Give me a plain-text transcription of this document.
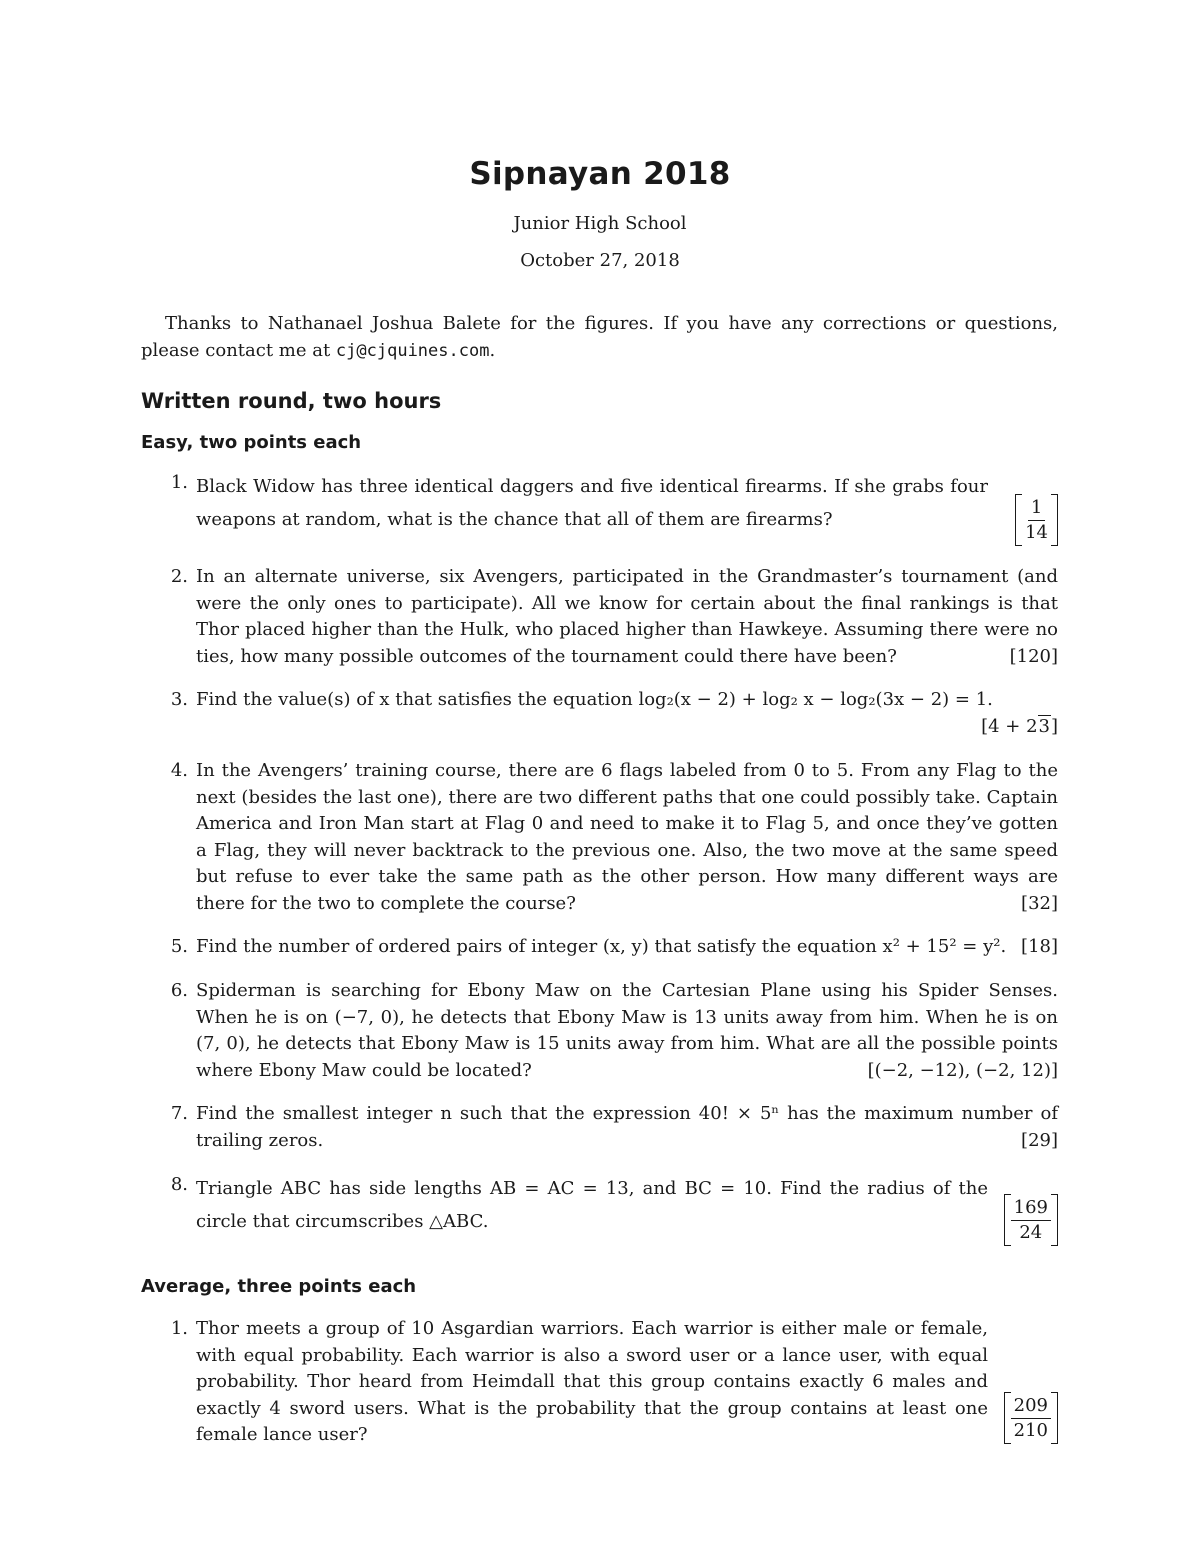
Sipnayan 2018
Junior High School
October 27, 2018
Thanks to Nathanael Joshua Balete for the figures. If you have any corrections or questions, please contact me at cj@cjquines.com.
Written round, two hours
Easy, two points each
1. Black Widow has three identical daggers and five identical firearms. If she grabs four weapons at random, what is the chance that all of them are firearms?	$\frac{1}{14}$
2. In an alternate universe, six Avengers, participated in the Grandmaster’s tournament (and were the only ones to participate). All we know for certain about the final rankings is that Thor placed higher than the Hulk, who placed higher than Hawkeye. Assuming there were no ties, how many possible outcomes of the tournament could there have been?	[120]
3. Find the value(s) of x that satisfies the equation log₂(x − 2) + log₂ x − log₂(3x − 2) = 1.
[4 + 23]
4. In the Avengers’ training course, there are 6 flags labeled from 0 to 5. From any Flag to the next (besides the last one), there are two different paths that one could possibly take. Captain America and Iron Man start at Flag 0 and need to make it to Flag 5, and once they’ve gotten a Flag, they will never backtrack to the previous one. Also, the two move at the same speed but refuse to ever take the same path as the other person. How many different ways are there for the two to complete the course?	[32]
5. Find the number of ordered pairs of integer (x, y) that satisfy the equation x² + 15² = y². [18]
6. Spiderman is searching for Ebony Maw on the Cartesian Plane using his Spider Senses. When he is on (−7, 0), he detects that Ebony Maw is 13 units away from him. When he is on (7, 0), he detects that Ebony Maw is 15 units away from him. What are all the possible points where Ebony Maw could be located?	[(−2, −12), (−2, 12)]
7. Find the smallest integer n such that the expression 40! × 5ⁿ has the maximum number of trailing zeros.	[29]
8. Triangle ABC has side lengths AB = AC = 13, and BC = 10. Find the radius of the circle that circumscribes △ABC.	$\frac{169}{24}$
Average, three points each
1. Thor meets a group of 10 Asgardian warriors. Each warrior is either male or female, with equal probability. Each warrior is also a sword user or a lance user, with equal probability. Thor heard from Heimdall that this group contains exactly 6 males and exactly 4 sword users. What is the probability that the group contains at least one female lance user?	$\frac{209}{210}$
